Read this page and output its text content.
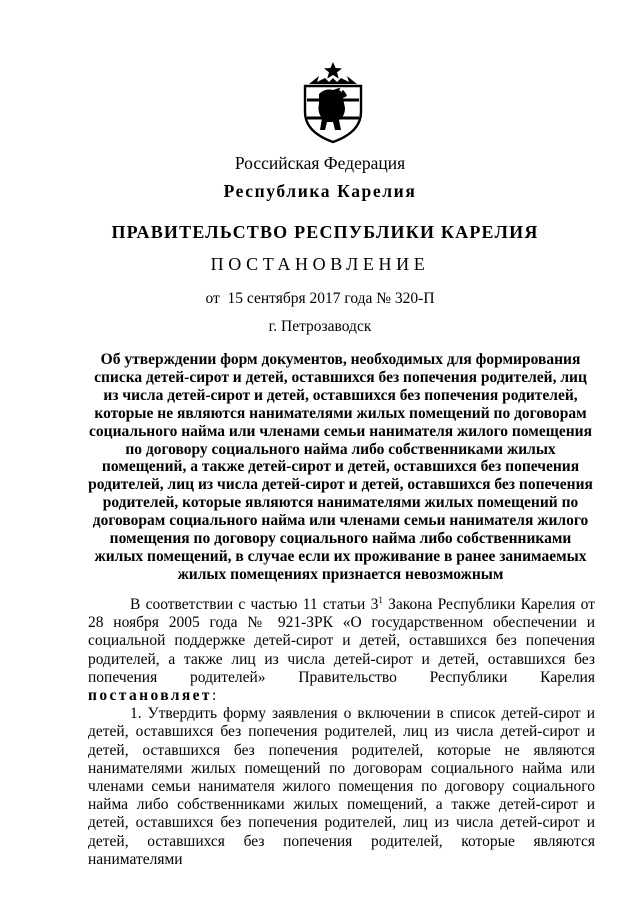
Российская Федерация
Республика Карелия
ПРАВИТЕЛЬСТВО РЕСПУБЛИКИ КАРЕЛИЯ
ПОСТАНОВЛЕНИЕ
от  15 сентября 2017 года № 320-П
г. Петрозаводск
Об утверждении форм документов, необходимых для формирования списка детей-сирот и детей, оставшихся без попечения родителей, лиц из числа детей-сирот и детей, оставшихся без попечения родителей, которые не являются нанимателями жилых помещений по договорам социального найма или членами семьи нанимателя жилого помещения по договору социального найма либо собственниками жилых помещений, а также детей-сирот и детей, оставшихся без попечения родителей, лиц из числа детей-сирот и детей, оставшихся без попечения родителей, которые являются нанимателями жилых помещений по договорам социального найма или членами семьи нанимателя жилого помещения по договору социального найма либо собственниками жилых помещений, в случае если их проживание в ранее занимаемых жилых помещениях признается невозможным

В соответствии с частью 11 статьи $3^1$ Закона Республики Карелия от 28 ноября 2005 года № 921-ЗРК «О государственном обеспечении и социальной поддержке детей-сирот и детей, оставшихся без попечения родителей, а также лиц из числа детей-сирот и детей, оставшихся без попечения родителей» Правительство Республики Карелия постановляет:

1. Утвердить форму заявления о включении в список детей-сирот и детей, оставшихся без попечения родителей, лиц из числа детей-сирот и детей, оставшихся без попечения родителей, которые не являются нанимателями жилых помещений по договорам социального найма или членами семьи нанимателя жилого помещения по договору социального найма либо собственниками жилых помещений, а также детей-сирот и детей, оставшихся без попечения родителей, лиц из числа детей-сирот и детей, оставшихся без попечения родителей, которые являются нанимателями
